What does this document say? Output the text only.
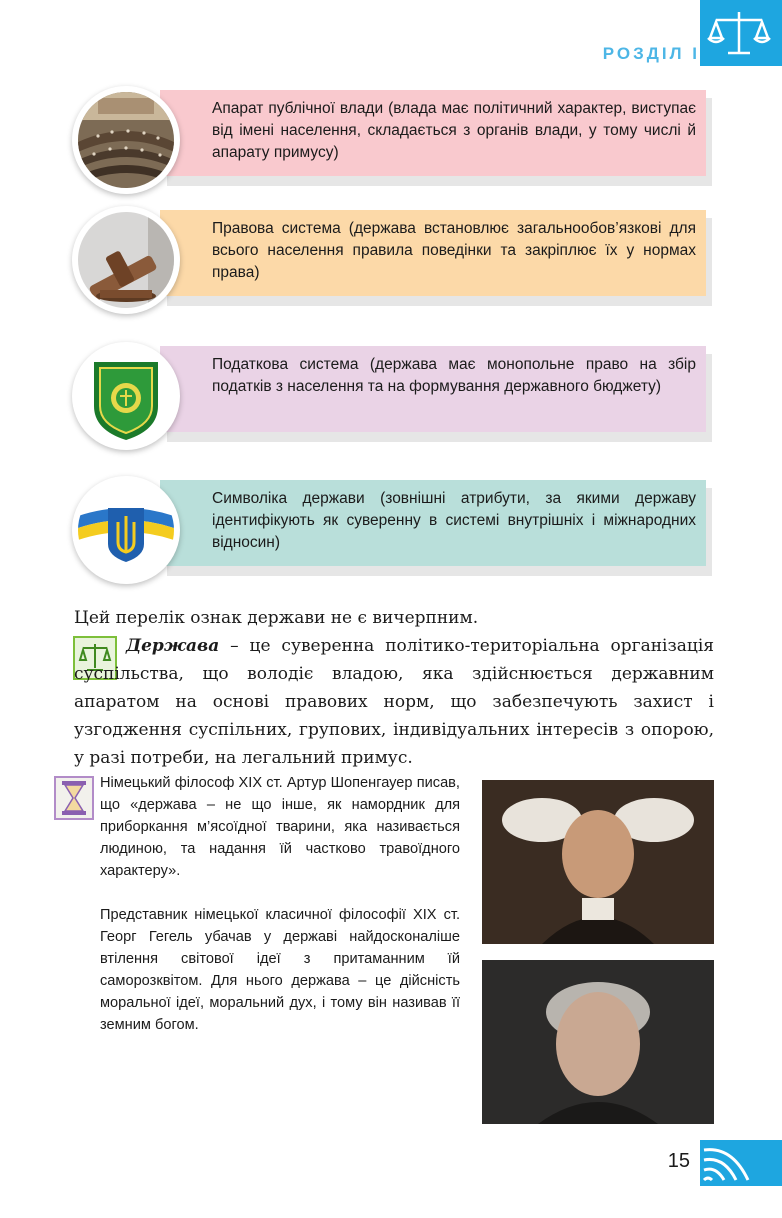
РОЗДІЛ I
Апарат публічної влади (влада має політичний характер, виступає від імені населення, складається з органів влади, у тому числі й апарату примусу)
Правова система (держава встановлює загальнообов’язкові для всього населення правила поведінки та закріплює їх у нормах права)
Податкова система (держава має монопольне право на збір податків з населення та на формування державного бюджету)
Символіка держави (зовнішні атрибути, за якими державу ідентифікують як суверенну в системі внутрішніх і міжнародних відносин)
Цей перелік ознак держави не є вичерпним.
Держава – це суверенна політико-територіальна організація суспільства, що володіє владою, яка здійснюється державним апаратом на основі правових норм, що забезпечують захист і узгодження суспільних, групових, індивідуальних інтересів з опорою, у разі потреби, на легальний примус.
Німецький філософ XIX ст. Артур Шопенгауер писав, що «держава – не що інше, як намордник для приборкання м’ясоїдної тварини, яка називається людиною, та надання їй частково травоїдного характеру».
Представник німецької класичної філософії XIX ст. Георг Гегель убачав у державі найдосконаліше втілення світової ідеї з притаманним їй саморозквітом. Для нього держава – це дійсність моральної ідеї, моральний дух, і тому він називав її земним богом.
15
